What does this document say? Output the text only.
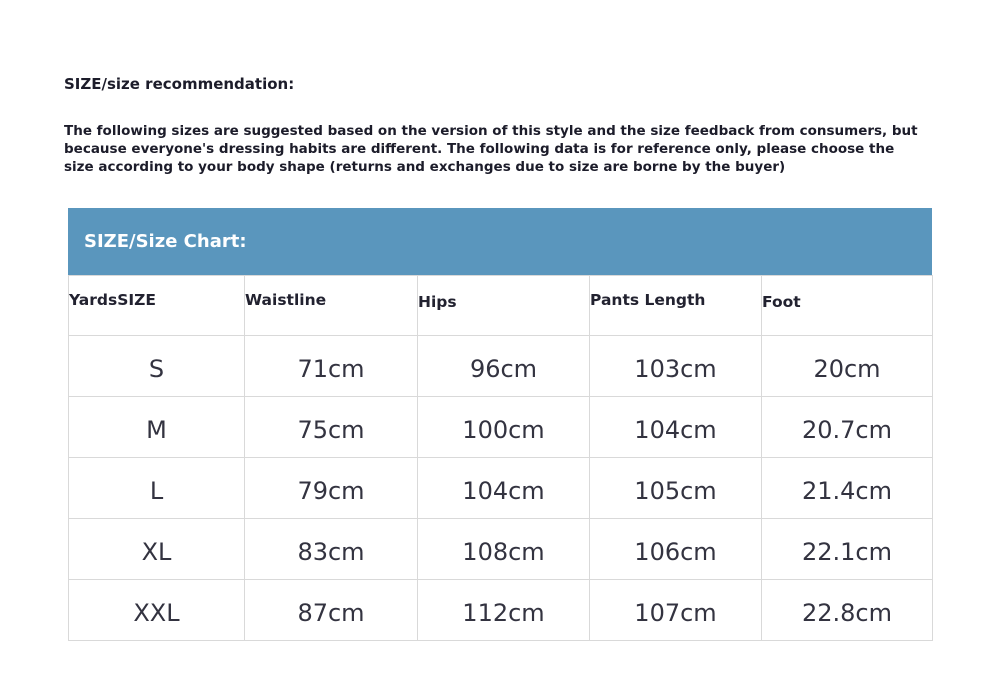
SIZE/size recommendation:

The following sizes are suggested based on the version of this style and the size feedback from consumers, but because everyone's dressing habits are different. The following data is for reference only, please choose the size according to your body shape (returns and exchanges due to size are borne by the buyer)

SIZE/Size Chart:
YardsSIZE	Waistline	Hips	Pants Length	Foot
S	71cm	96cm	103cm	20cm
M	75cm	100cm	104cm	20.7cm
L	79cm	104cm	105cm	21.4cm
XL	83cm	108cm	106cm	22.1cm
XXL	87cm	112cm	107cm	22.8cm
